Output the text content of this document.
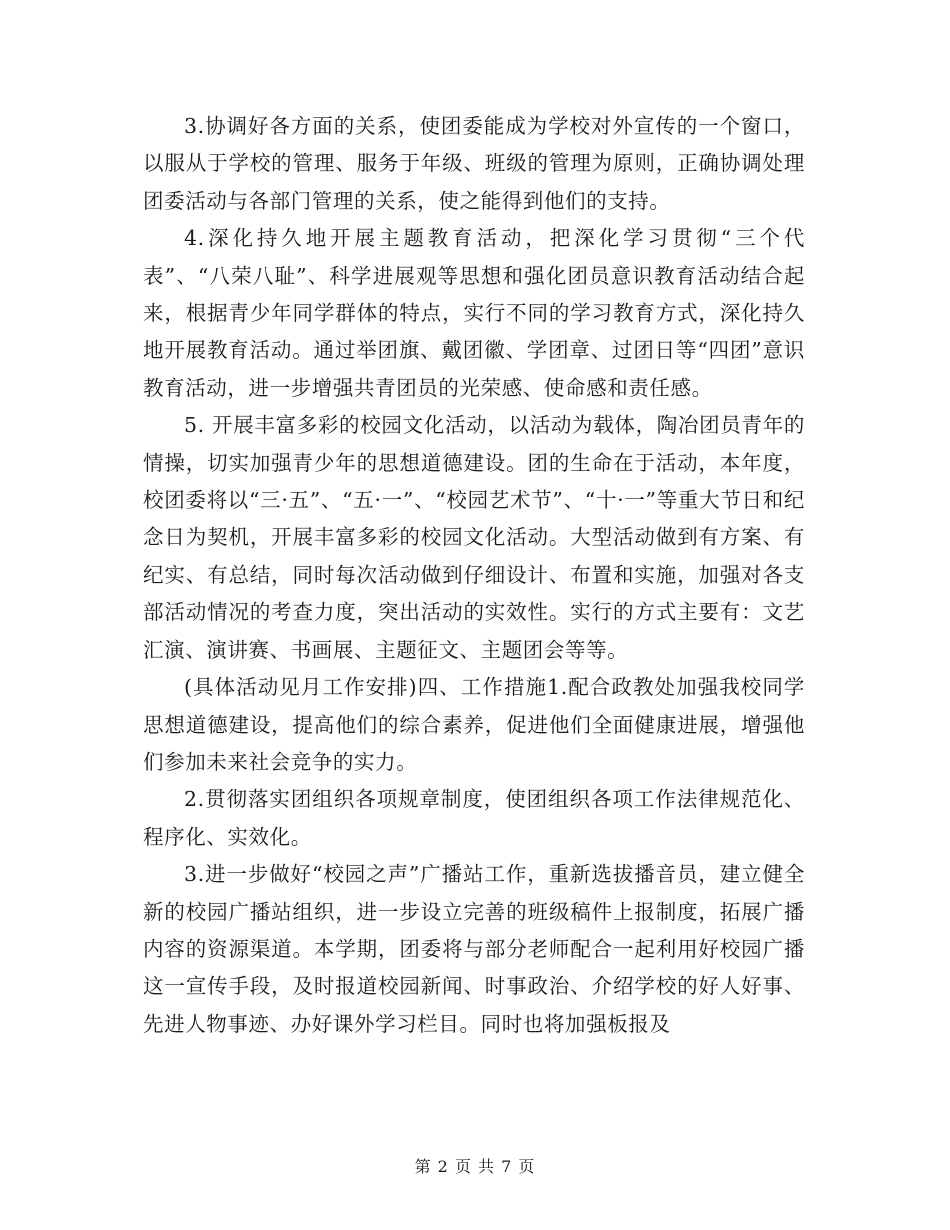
3.协调好各方面的关系，使团委能成为学校对外宣传的一个窗口，以服从于学校的管理、服务于年级、班级的管理为原则，正确协调处理团委活动与各部门管理的关系，使之能得到他们的支持。

4.深化持久地开展主题教育活动，把深化学习贯彻“三个代表”、“八荣八耻”、科学进展观等思想和强化团员意识教育活动结合起来，根据青少年同学群体的特点，实行不同的学习教育方式，深化持久地开展教育活动。通过举团旗、戴团徽、学团章、过团日等“四团”意识教育活动，进一步增强共青团员的光荣感、使命感和责任感。

5. 开展丰富多彩的校园文化活动，以活动为载体，陶冶团员青年的情操，切实加强青少年的思想道德建设。团的生命在于活动，本年度，校团委将以“三·五”、“五·一”、“校园艺术节”、“十·一”等重大节日和纪念日为契机，开展丰富多彩的校园文化活动。大型活动做到有方案、有纪实、有总结，同时每次活动做到仔细设计、布置和实施，加强对各支部活动情况的考查力度，突出活动的实效性。实行的方式主要有：文艺汇演、演讲赛、书画展、主题征文、主题团会等等。

(具体活动见月工作安排)四、工作措施1.配合政教处加强我校同学思想道德建设，提高他们的综合素养，促进他们全面健康进展，增强他们参加未来社会竞争的实力。

2.贯彻落实团组织各项规章制度，使团组织各项工作法律规范化、程序化、实效化。

3.进一步做好“校园之声”广播站工作，重新选拔播音员，建立健全新的校园广播站组织，进一步设立完善的班级稿件上报制度，拓展广播内容的资源渠道。本学期，团委将与部分老师配合一起利用好校园广播这一宣传手段，及时报道校园新闻、时事政治、介绍学校的好人好事、先进人物事迹、办好课外学习栏目。同时也将加强板报及

第 2 页 共 7 页
